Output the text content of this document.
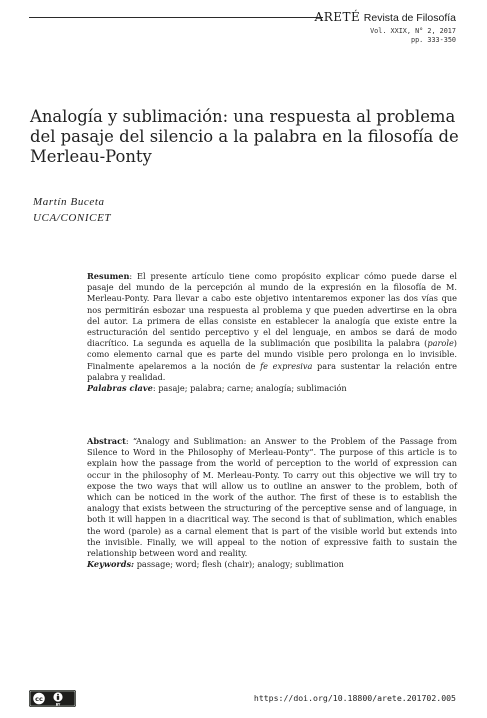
ARETÉ Revista de Filosofía
Vol. XXIX, N° 2, 2017
pp. 333-350
Analogía y sublimación: una respuesta al problema del pasaje del silencio a la palabra en la filosofía de Merleau-Ponty
Martín Buceta
UCA/CONICET

Resumen: El presente artículo tiene como propósito explicar cómo puede darse el pasaje del mundo de la percepción al mundo de la expresión en la filosofía de M. Merleau-Ponty. Para llevar a cabo este objetivo intentaremos exponer las dos vías que nos permitirán esbozar una respuesta al problema y que pueden advertirse en la obra del autor. La primera de ellas consiste en establecer la analogía que existe entre la estructuración del sentido perceptivo y el del lenguaje, en ambos se dará de modo diacrítico. La segunda es aquella de la sublimación que posibilita la palabra (parole) como elemento carnal que es parte del mundo visible pero prolonga en lo invisible. Finalmente apelaremos a la noción de fe expresiva para sustentar la relación entre palabra y realidad.

Palabras clave: pasaje; palabra; carne; analogía; sublimación

Abstract: “Analogy and Sublimation: an Answer to the Problem of the Passage from Silence to Word in the Philosophy of Merleau-Ponty”. The purpose of this article is to explain how the passage from the world of perception to the world of expression can occur in the philosophy of M. Merleau-Ponty. To carry out this objective we will try to expose the two ways that will allow us to outline an answer to the problem, both of which can be noticed in the work of the author. The first of these is to establish the analogy that exists between the structuring of the perceptive sense and of language, in both it will happen in a diacritical way. The second is that of sublimation, which enables the word (parole) as a carnal element that is part of the visible world but extends into the invisible. Finally, we will appeal to the notion of expressive faith to sustain the relationship between word and reality.

Keywords: passage; word; flesh (chair); analogy; sublimation

cc
BY
https://doi.org/10.18800/arete.201702.005
